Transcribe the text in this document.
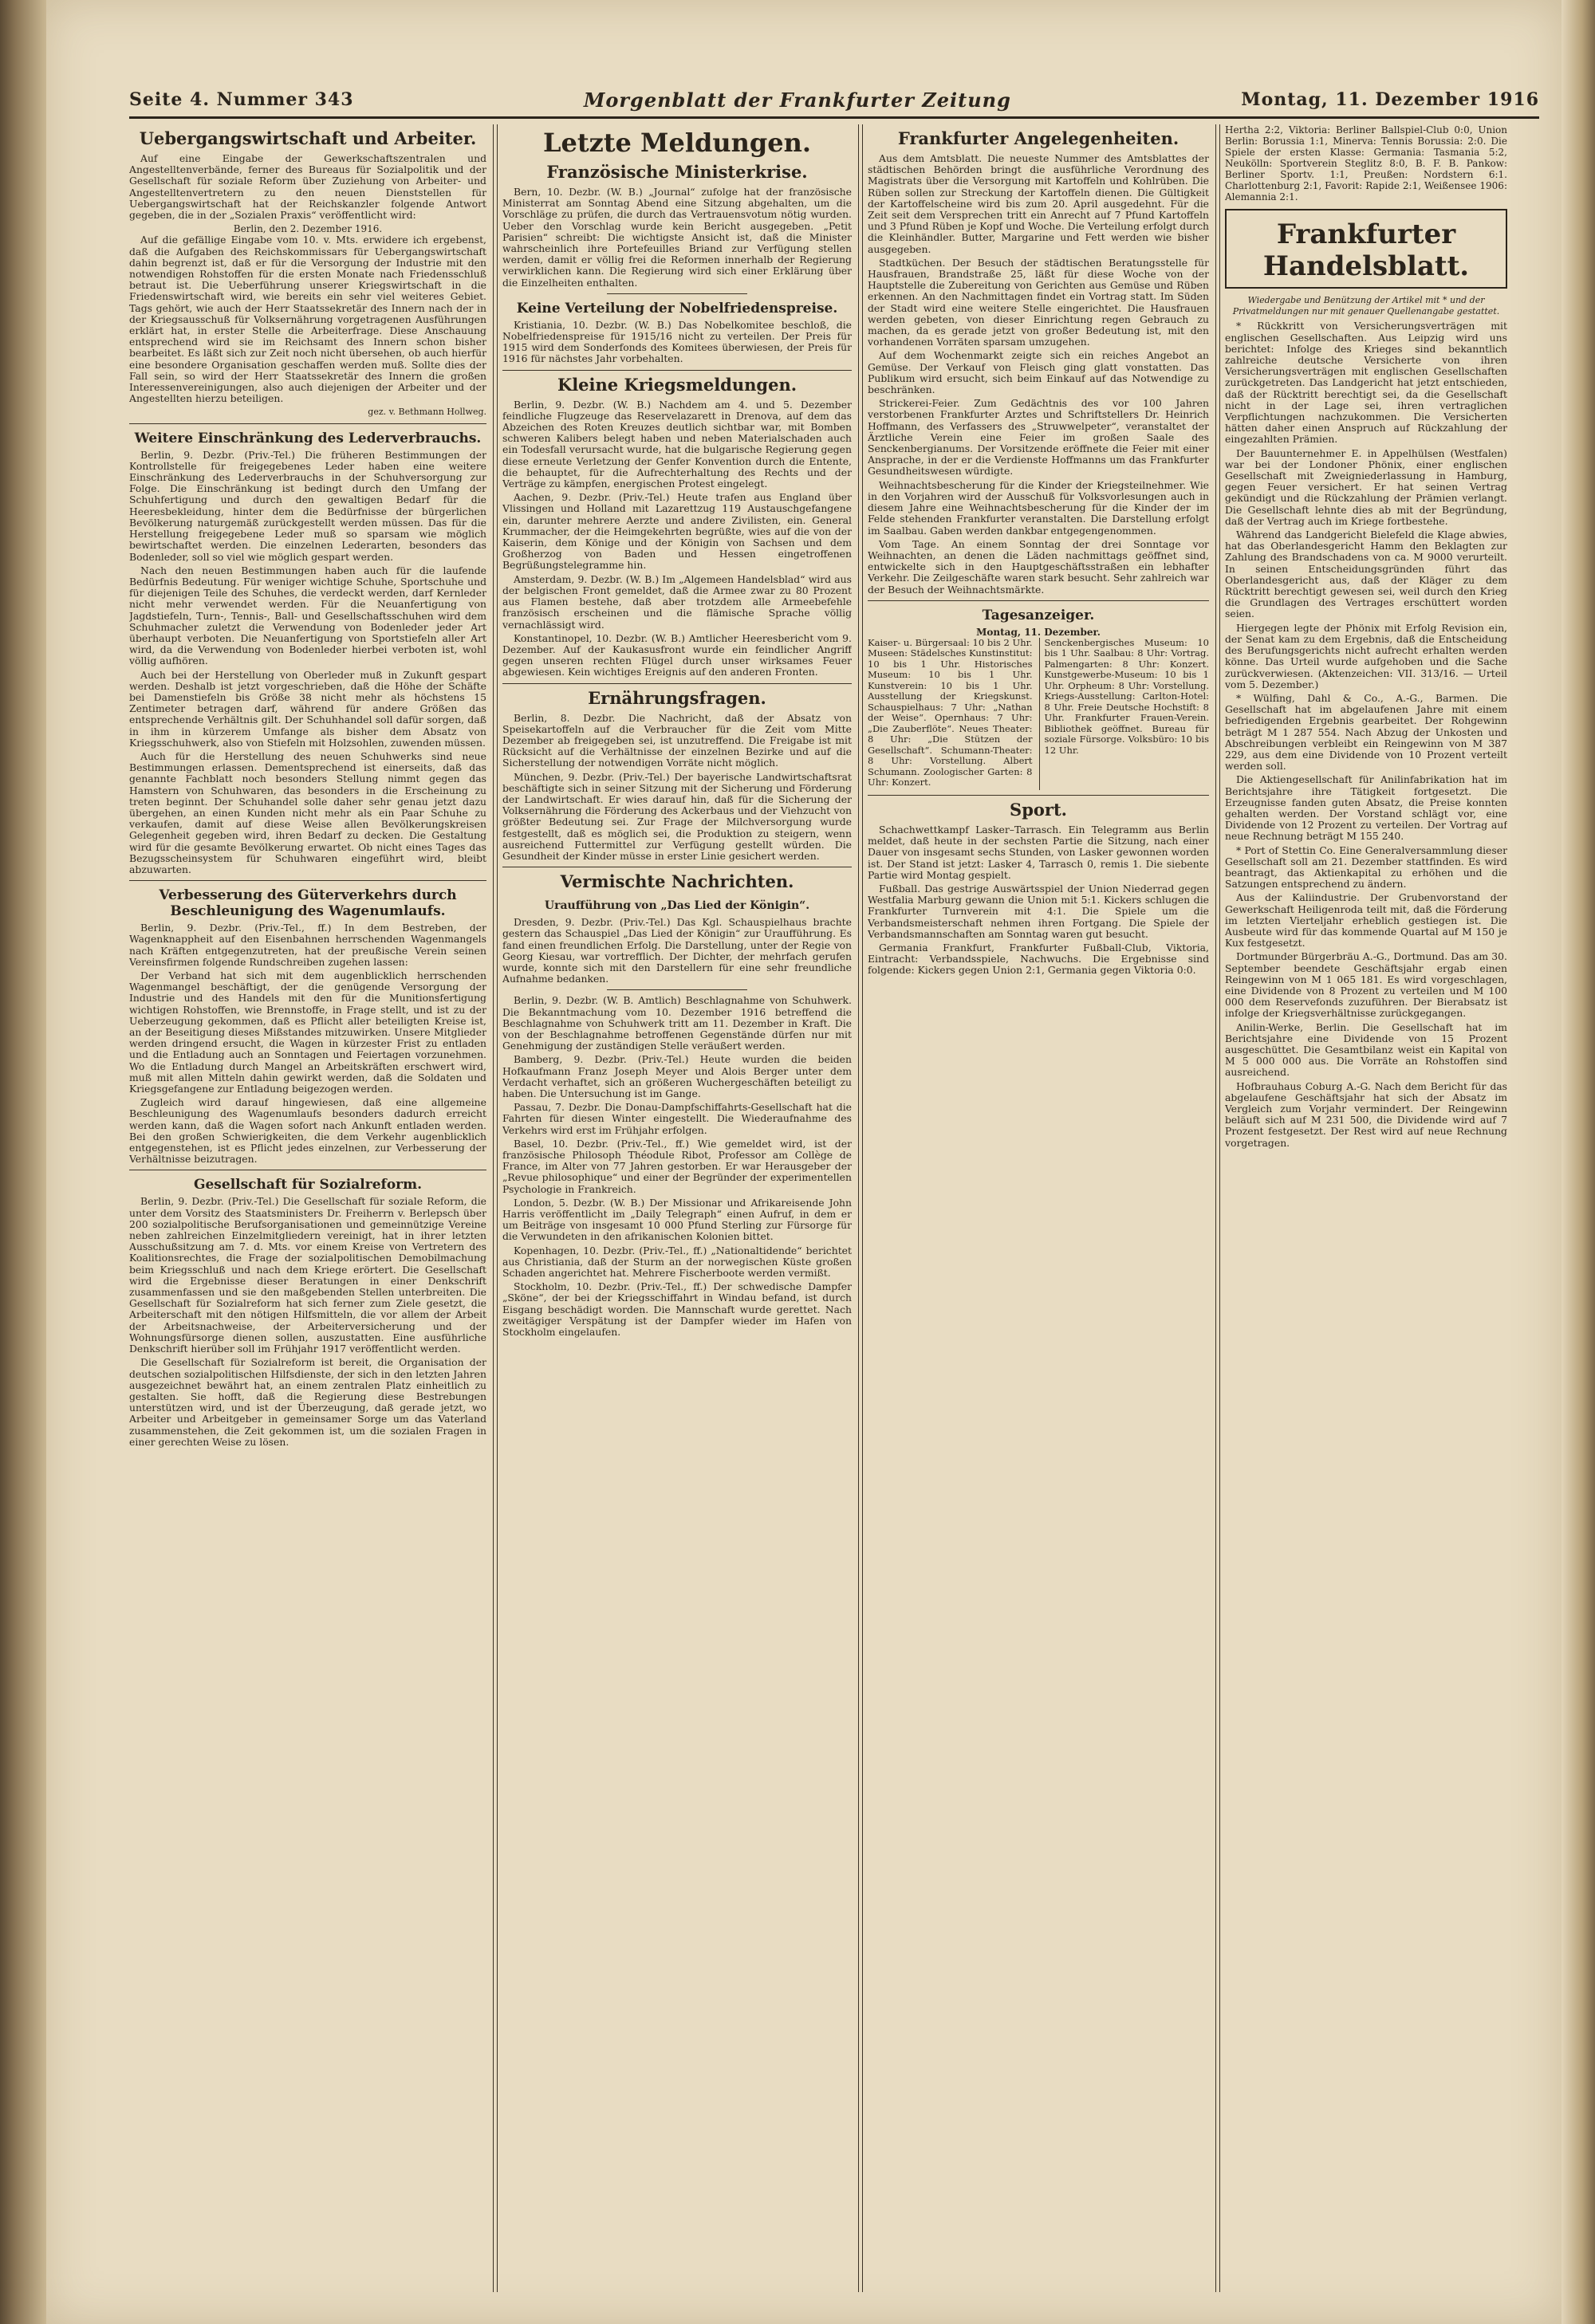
Seite 4. Nummer 343	Morgenblatt der Frankfurter Zeitung	Montag, 11. Dezember 1916
Uebergangswirtschaft und Arbeiter.

Auf eine Eingabe der Gewerkschaftszentralen und Angestelltenverbände, ferner des Bureaus für Sozialpolitik und der Gesellschaft für soziale Reform über Zuziehung von Arbeiter- und Angestelltenvertretern zu den neuen Dienststellen für Uebergangswirtschaft hat der Reichskanzler folgende Antwort gegeben, die in der „Sozialen Praxis“ veröffentlicht wird:

Berlin, den 2. Dezember 1916.

Auf die gefällige Eingabe vom 10. v. Mts. erwidere ich ergebenst, daß die Aufgaben des Reichskommissars für Uebergangswirtschaft dahin begrenzt ist, daß er für die Versorgung der Industrie mit den notwendigen Rohstoffen für die ersten Monate nach Friedensschluß betraut ist. Die Ueberführung unserer Kriegswirtschaft in die Friedenswirtschaft wird, wie bereits ein sehr viel weiteres Gebiet. Tags gehört, wie auch der Herr Staatssekretär des Innern nach der in der Kriegsausschuß für Volksernährung vorgetragenen Ausführungen erklärt hat, in erster Stelle die Arbeiterfrage. Diese Anschauung entsprechend wird sie im Reichsamt des Innern schon bisher bearbeitet. Es läßt sich zur Zeit noch nicht übersehen, ob auch hierfür eine besondere Organisation geschaffen werden muß. Sollte dies der Fall sein, so wird der Herr Staatssekretär des Innern die großen Interessenvereinigungen, also auch diejenigen der Arbeiter und der Angestellten hierzu beteiligen.

gez. v. Bethmann Hollweg.
Weitere Einschränkung des Lederverbrauchs.

Berlin, 9. Dezbr. (Priv.-Tel.) Die früheren Bestimmungen der Kontrollstelle für freigegebenes Leder haben eine weitere Einschränkung des Lederverbrauchs in der Schuhversorgung zur Folge. Die Einschränkung ist bedingt durch den Umfang der Schuhfertigung und durch den gewaltigen Bedarf für die Heeresbekleidung, hinter dem die Bedürfnisse der bürgerlichen Bevölkerung naturgemäß zurückgestellt werden müssen. Das für die Herstellung freigegebene Leder muß so sparsam wie möglich bewirtschaftet werden. Die einzelnen Lederarten, besonders das Bodenleder, soll so viel wie möglich gespart werden.

Nach den neuen Bestimmungen haben auch für die laufende Bedürfnis Bedeutung. Für weniger wichtige Schuhe, Sportschuhe und für diejenigen Teile des Schuhes, die verdeckt werden, darf Kernleder nicht mehr verwendet werden. Für die Neuanfertigung von Jagdstiefeln, Turn-, Tennis-, Ball- und Gesellschaftsschuhen wird dem Schuhmacher zuletzt die Verwendung von Bodenleder jeder Art überhaupt verboten. Die Neuanfertigung von Sportstiefeln aller Art wird, da die Verwendung von Bodenleder hierbei verboten ist, wohl völlig aufhören.

Auch bei der Herstellung von Oberleder muß in Zukunft gespart werden. Deshalb ist jetzt vorgeschrieben, daß die Höhe der Schäfte bei Damenstiefeln bis Größe 38 nicht mehr als höchstens 15 Zentimeter betragen darf, während für andere Größen das entsprechende Verhältnis gilt. Der Schuhhandel soll dafür sorgen, daß in ihm in kürzerem Umfange als bisher dem Absatz von Kriegsschuhwerk, also von Stiefeln mit Holzsohlen, zuwenden müssen.

Auch für die Herstellung des neuen Schuhwerks sind neue Bestimmungen erlassen. Dementsprechend ist einerseits, daß das genannte Fachblatt noch besonders Stellung nimmt gegen das Hamstern von Schuhwaren, das besonders in die Erscheinung zu treten beginnt. Der Schuhandel solle daher sehr genau jetzt dazu übergehen, an einen Kunden nicht mehr als ein Paar Schuhe zu verkaufen, damit auf diese Weise allen Bevölkerungskreisen Gelegenheit gegeben wird, ihren Bedarf zu decken. Die Gestaltung wird für die gesamte Bevölkerung erwartet. Ob nicht eines Tages das Bezugsscheinsystem für Schuhwaren eingeführt wird, bleibt abzuwarten.

Verbesserung des Güterverkehrs durch Beschleunigung des Wagenumlaufs.

Berlin, 9. Dezbr. (Priv.-Tel., ff.) In dem Bestreben, der Wagenknappheit auf den Eisenbahnen herrschenden Wagenmangels nach Kräften entgegenzutreten, hat der preußische Verein seinen Vereinsfirmen folgende Rundschreiben zugehen lassen:

Der Verband hat sich mit dem augenblicklich herrschenden Wagenmangel beschäftigt, der die genügende Versorgung der Industrie und des Handels mit den für die Munitionsfertigung wichtigen Rohstoffen, wie Brennstoffe, in Frage stellt, und ist zu der Ueberzeugung gekommen, daß es Pflicht aller beteiligten Kreise ist, an der Beseitigung dieses Mißstandes mitzuwirken. Unsere Mitglieder werden dringend ersucht, die Wagen in kürzester Frist zu entladen und die Entladung auch an Sonntagen und Feiertagen vorzunehmen. Wo die Entladung durch Mangel an Arbeitskräften erschwert wird, muß mit allen Mitteln dahin gewirkt werden, daß die Soldaten und Kriegsgefangene zur Entladung beigezogen werden.

Zugleich wird darauf hingewiesen, daß eine allgemeine Beschleunigung des Wagenumlaufs besonders dadurch erreicht werden kann, daß die Wagen sofort nach Ankunft entladen werden. Bei den großen Schwierigkeiten, die dem Verkehr augenblicklich entgegenstehen, ist es Pflicht jedes einzelnen, zur Verbesserung der Verhältnisse beizutragen.

Gesellschaft für Sozialreform.

Berlin, 9. Dezbr. (Priv.-Tel.) Die Gesellschaft für soziale Reform, die unter dem Vorsitz des Staatsministers Dr. Freiherrn v. Berlepsch über 200 sozialpolitische Berufsorganisationen und gemeinnützige Vereine neben zahlreichen Einzelmitgliedern vereinigt, hat in ihrer letzten Ausschußsitzung am 7. d. Mts. vor einem Kreise von Vertretern des Koalitionsrechtes, die Frage der sozialpolitischen Demobilmachung beim Kriegsschluß und nach dem Kriege erörtert. Die Gesellschaft wird die Ergebnisse dieser Beratungen in einer Denkschrift zusammenfassen und sie den maßgebenden Stellen unterbreiten. Die Gesellschaft für Sozialreform hat sich ferner zum Ziele gesetzt, die Arbeiterschaft mit den nötigen Hilfsmitteln, die vor allem der Arbeit der Arbeitsnachweise, der Arbeiterversicherung und der Wohnungsfürsorge dienen sollen, auszustatten. Eine ausführliche Denkschrift hierüber soll im Frühjahr 1917 veröffentlicht werden.

Die Gesellschaft für Sozialreform ist bereit, die Organisation der deutschen sozialpolitischen Hilfsdienste, der sich in den letzten Jahren ausgezeichnet bewährt hat, an einem zentralen Platz einheitlich zu gestalten. Sie hofft, daß die Regierung diese Bestrebungen unterstützen wird, und ist der Überzeugung, daß gerade jetzt, wo Arbeiter und Arbeitgeber in gemeinsamer Sorge um das Vaterland zusammenstehen, die Zeit gekommen ist, um die sozialen Fragen in einer gerechten Weise zu lösen.

Letzte Meldungen.
Französische Ministerkrise.

Bern, 10. Dezbr. (W. B.) „Journal“ zufolge hat der französische Ministerrat am Sonntag Abend eine Sitzung abgehalten, um die Vorschläge zu prüfen, die durch das Vertrauensvotum nötig wurden. Ueber den Vorschlag wurde kein Bericht ausgegeben. „Petit Parisien“ schreibt: Die wichtigste Ansicht ist, daß die Minister wahrscheinlich ihre Portefeuilles Briand zur Verfügung stellen werden, damit er völlig frei die Reformen innerhalb der Regierung verwirklichen kann. Die Regierung wird sich einer Erklärung über die Einzelheiten enthalten.

Keine Verteilung der Nobelfriedenspreise.

Kristiania, 10. Dezbr. (W. B.) Das Nobelkomitee beschloß, die Nobelfriedenspreise für 1915/16 nicht zu verteilen. Der Preis für 1915 wird dem Sonderfonds des Komitees überwiesen, der Preis für 1916 für nächstes Jahr vorbehalten.

Kleine Kriegsmeldungen.

Berlin, 9. Dezbr. (W. B.) Nachdem am 4. und 5. Dezember feindliche Flugzeuge das Reservelazarett in Drenova, auf dem das Abzeichen des Roten Kreuzes deutlich sichtbar war, mit Bomben schweren Kalibers belegt haben und neben Materialschaden auch ein Todesfall verursacht wurde, hat die bulgarische Regierung gegen diese erneute Verletzung der Genfer Konvention durch die Entente, die behauptet, für die Aufrechterhaltung des Rechts und der Verträge zu kämpfen, energischen Protest eingelegt.

Aachen, 9. Dezbr. (Priv.-Tel.) Heute trafen aus England über Vlissingen und Holland mit Lazarettzug 119 Austauschgefangene ein, darunter mehrere Aerzte und andere Zivilisten, ein. General Krummacher, der die Heimgekehrten begrüßte, wies auf die von der Kaiserin, dem Könige und der Königin von Sachsen und dem Großherzog von Baden und Hessen eingetroffenen Begrüßungstelegramme hin.

Amsterdam, 9. Dezbr. (W. B.) Im „Algemeen Handelsblad“ wird aus der belgischen Front gemeldet, daß die Armee zwar zu 80 Prozent aus Flamen bestehe, daß aber trotzdem alle Armeebefehle französisch erscheinen und die flämische Sprache völlig vernachlässigt wird.

Konstantinopel, 10. Dezbr. (W. B.) Amtlicher Heeresbericht vom 9. Dezember. Auf der Kaukasusfront wurde ein feindlicher Angriff gegen unseren rechten Flügel durch unser wirksames Feuer abgewiesen. Kein wichtiges Ereignis auf den anderen Fronten.

Ernährungsfragen.

Berlin, 8. Dezbr. Die Nachricht, daß der Absatz von Speisekartoffeln auf die Verbraucher für die Zeit vom Mitte Dezember ab freigegeben sei, ist unzutreffend. Die Freigabe ist mit Rücksicht auf die Verhältnisse der einzelnen Bezirke und auf die Sicherstellung der notwendigen Vorräte nicht möglich.

München, 9. Dezbr. (Priv.-Tel.) Der bayerische Landwirtschaftsrat beschäftigte sich in seiner Sitzung mit der Sicherung und Förderung der Landwirtschaft. Er wies darauf hin, daß für die Sicherung der Volksernährung die Förderung des Ackerbaus und der Viehzucht von größter Bedeutung sei. Zur Frage der Milchversorgung wurde festgestellt, daß es möglich sei, die Produktion zu steigern, wenn ausreichend Futtermittel zur Verfügung gestellt würden. Die Gesundheit der Kinder müsse in erster Linie gesichert werden.

Vermischte Nachrichten.
Uraufführung von „Das Lied der Königin“.

Dresden, 9. Dezbr. (Priv.-Tel.) Das Kgl. Schauspielhaus brachte gestern das Schauspiel „Das Lied der Königin“ zur Uraufführung. Es fand einen freundlichen Erfolg. Die Darstellung, unter der Regie von Georg Kiesau, war vortrefflich. Der Dichter, der mehrfach gerufen wurde, konnte sich mit den Darstellern für eine sehr freundliche Aufnahme bedanken.

Berlin, 9. Dezbr. (W. B. Amtlich) Beschlagnahme von Schuhwerk. Die Bekanntmachung vom 10. Dezember 1916 betreffend die Beschlagnahme von Schuhwerk tritt am 11. Dezember in Kraft. Die von der Beschlagnahme betroffenen Gegenstände dürfen nur mit Genehmigung der zuständigen Stelle veräußert werden.

Bamberg, 9. Dezbr. (Priv.-Tel.) Heute wurden die beiden Hofkaufmann Franz Joseph Meyer und Alois Berger unter dem Verdacht verhaftet, sich an größeren Wuchergeschäften beteiligt zu haben. Die Untersuchung ist im Gange.

Passau, 7. Dezbr. Die Donau-Dampfschiffahrts-Gesellschaft hat die Fahrten für diesen Winter eingestellt. Die Wiederaufnahme des Verkehrs wird erst im Frühjahr erfolgen.

Basel, 10. Dezbr. (Priv.-Tel., ff.) Wie gemeldet wird, ist der französische Philosoph Théodule Ribot, Professor am Collège de France, im Alter von 77 Jahren gestorben. Er war Herausgeber der „Revue philosophique“ und einer der Begründer der experimentellen Psychologie in Frankreich.

London, 5. Dezbr. (W. B.) Der Missionar und Afrikareisende John Harris veröffentlicht im „Daily Telegraph“ einen Aufruf, in dem er um Beiträge von insgesamt 10 000 Pfund Sterling zur Fürsorge für die Verwundeten in den afrikanischen Kolonien bittet.

Kopenhagen, 10. Dezbr. (Priv.-Tel., ff.) „Nationaltidende“ berichtet aus Christiania, daß der Sturm an der norwegischen Küste großen Schaden angerichtet hat. Mehrere Fischerboote werden vermißt.

Stockholm, 10. Dezbr. (Priv.-Tel., ff.) Der schwedische Dampfer „Sköne“, der bei der Kriegsschiffahrt in Windau befand, ist durch Eisgang beschädigt worden. Die Mannschaft wurde gerettet. Nach zweitägiger Verspätung ist der Dampfer wieder im Hafen von Stockholm eingelaufen.

Frankfurter Angelegenheiten.

Aus dem Amtsblatt. Die neueste Nummer des Amtsblattes der städtischen Behörden bringt die ausführliche Verordnung des Magistrats über die Versorgung mit Kartoffeln und Kohlrüben. Die Rüben sollen zur Streckung der Kartoffeln dienen. Die Gültigkeit der Kartoffelscheine wird bis zum 20. April ausgedehnt. Für die Zeit seit dem Versprechen tritt ein Anrecht auf 7 Pfund Kartoffeln und 3 Pfund Rüben je Kopf und Woche. Die Verteilung erfolgt durch die Kleinhändler. Butter, Margarine und Fett werden wie bisher ausgegeben.

Stadtküchen. Der Besuch der städtischen Beratungsstelle für Hausfrauen, Brandstraße 25, läßt für diese Woche von der Hauptstelle die Zubereitung von Gerichten aus Gemüse und Rüben erkennen. An den Nachmittagen findet ein Vortrag statt. Im Süden der Stadt wird eine weitere Stelle eingerichtet. Die Hausfrauen werden gebeten, von dieser Einrichtung regen Gebrauch zu machen, da es gerade jetzt von großer Bedeutung ist, mit den vorhandenen Vorräten sparsam umzugehen.

Auf dem Wochenmarkt zeigte sich ein reiches Angebot an Gemüse. Der Verkauf von Fleisch ging glatt vonstatten. Das Publikum wird ersucht, sich beim Einkauf auf das Notwendige zu beschränken.

Strickerei-Feier. Zum Gedächtnis des vor 100 Jahren verstorbenen Frankfurter Arztes und Schriftstellers Dr. Heinrich Hoffmann, des Verfassers des „Struwwelpeter“, veranstaltet der Ärztliche Verein eine Feier im großen Saale des Senckenbergianums. Der Vorsitzende eröffnete die Feier mit einer Ansprache, in der er die Verdienste Hoffmanns um das Frankfurter Gesundheitswesen würdigte.

Weihnachtsbescherung für die Kinder der Kriegsteilnehmer. Wie in den Vorjahren wird der Ausschuß für Volksvorlesungen auch in diesem Jahre eine Weihnachtsbescherung für die Kinder der im Felde stehenden Frankfurter veranstalten. Die Darstellung erfolgt im Saalbau. Gaben werden dankbar entgegengenommen.

Vom Tage. An einem Sonntag der drei Sonntage vor Weihnachten, an denen die Läden nachmittags geöffnet sind, entwickelte sich in den Hauptgeschäftsstraßen ein lebhafter Verkehr. Die Zeilgeschäfte waren stark besucht. Sehr zahlreich war der Besuch der Weihnachtsmärkte.

Tagesanzeiger.
Montag, 11. Dezember.

Kaiser- u. Bürgersaal: 10 bis 2 Uhr. Museen: Städelsches Kunstinstitut: 10 bis 1 Uhr. Historisches Museum: 10 bis 1 Uhr. Kunstverein: 10 bis 1 Uhr. Ausstellung der Kriegskunst. Schauspielhaus: 7 Uhr: „Nathan der Weise“. Opernhaus: 7 Uhr: „Die Zauberflöte“. Neues Theater: 8 Uhr: „Die Stützen der Gesellschaft“. Schumann-Theater: 8 Uhr: Vorstellung. Albert Schumann. Zoologischer Garten: 8 Uhr: Konzert.

Senckenbergisches Museum: 10 bis 1 Uhr. Saalbau: 8 Uhr: Vortrag. Palmengarten: 8 Uhr: Konzert. Kunstgewerbe-Museum: 10 bis 1 Uhr. Orpheum: 8 Uhr: Vorstellung. Kriegs-Ausstellung: Carlton-Hotel: 8 Uhr. Freie Deutsche Hochstift: 8 Uhr. Frankfurter Frauen-Verein. Bibliothek geöffnet. Bureau für soziale Fürsorge. Volksbüro: 10 bis 12 Uhr.

Sport.

Schachwettkampf Lasker–Tarrasch. Ein Telegramm aus Berlin meldet, daß heute in der sechsten Partie die Sitzung, nach einer Dauer von insgesamt sechs Stunden, von Lasker gewonnen worden ist. Der Stand ist jetzt: Lasker 4, Tarrasch 0, remis 1. Die siebente Partie wird Montag gespielt.

Fußball. Das gestrige Auswärtsspiel der Union Niederrad gegen Westfalia Marburg gewann die Union mit 5:1. Kickers schlugen die Frankfurter Turnverein mit 4:1. Die Spiele um die Verbandsmeisterschaft nehmen ihren Fortgang. Die Spiele der Verbandsmannschaften am Sonntag waren gut besucht.

Germania Frankfurt, Frankfurter Fußball-Club, Viktoria, Eintracht: Verbandsspiele, Nachwuchs. Die Ergebnisse sind folgende: Kickers gegen Union 2:1, Germania gegen Viktoria 0:0.

Hertha 2:2, Viktoria: Berliner Ballspiel-Club 0:0, Union Berlin: Borussia 1:1, Minerva: Tennis Borussia: 2:0. Die Spiele der ersten Klasse: Germania: Tasmania 5:2, Neukölln: Sportverein Steglitz 8:0, B. F. B. Pankow: Berliner Sportv. 1:1, Preußen: Nordstern 6:1. Charlottenburg 2:1, Favorit: Rapide 2:1, Weißensee 1906: Alemannia 2:1.

Frankfurter Handelsblatt.
Wiedergabe und Benützung der Artikel mit * und der Privatmeldungen nur mit genauer Quellenangabe gestattet.

* Rückkritt von Versicherungsverträgen mit englischen Gesellschaften. Aus Leipzig wird uns berichtet: Infolge des Krieges sind bekanntlich zahlreiche deutsche Versicherte von ihren Versicherungsverträgen mit englischen Gesellschaften zurückgetreten. Das Landgericht hat jetzt entschieden, daß der Rücktritt berechtigt sei, da die Gesellschaft nicht in der Lage sei, ihren vertraglichen Verpflichtungen nachzukommen. Die Versicherten hätten daher einen Anspruch auf Rückzahlung der eingezahlten Prämien.

Der Bauunternehmer E. in Appelhülsen (Westfalen) war bei der Londoner Phönix, einer englischen Gesellschaft mit Zweigniederlassung in Hamburg, gegen Feuer versichert. Er hat seinen Vertrag gekündigt und die Rückzahlung der Prämien verlangt. Die Gesellschaft lehnte dies ab mit der Begründung, daß der Vertrag auch im Kriege fortbestehe.

Während das Landgericht Bielefeld die Klage abwies, hat das Oberlandesgericht Hamm den Beklagten zur Zahlung des Brandschadens von ca. M 9000 verurteilt. In seinen Entscheidungsgründen führt das Oberlandesgericht aus, daß der Kläger zu dem Rücktritt berechtigt gewesen sei, weil durch den Krieg die Grundlagen des Vertrages erschüttert worden seien.

Hiergegen legte der Phönix mit Erfolg Revision ein, der Senat kam zu dem Ergebnis, daß die Entscheidung des Berufungsgerichts nicht aufrecht erhalten werden könne. Das Urteil wurde aufgehoben und die Sache zurückverwiesen. (Aktenzeichen: VII. 313/16. — Urteil vom 5. Dezember.)

* Wülfing, Dahl & Co., A.-G., Barmen. Die Gesellschaft hat im abgelaufenen Jahre mit einem befriedigenden Ergebnis gearbeitet. Der Rohgewinn beträgt M 1 287 554. Nach Abzug der Unkosten und Abschreibungen verbleibt ein Reingewinn von M 387 229, aus dem eine Dividende von 10 Prozent verteilt werden soll.

Die Aktiengesellschaft für Anilinfabrikation hat im Berichtsjahre ihre Tätigkeit fortgesetzt. Die Erzeugnisse fanden guten Absatz, die Preise konnten gehalten werden. Der Vorstand schlägt vor, eine Dividende von 12 Prozent zu verteilen. Der Vortrag auf neue Rechnung beträgt M 155 240.

* Port of Stettin Co. Eine Generalversammlung dieser Gesellschaft soll am 21. Dezember stattfinden. Es wird beantragt, das Aktienkapital zu erhöhen und die Satzungen entsprechend zu ändern.

Aus der Kaliindustrie. Der Grubenvorstand der Gewerkschaft Heiligenroda teilt mit, daß die Förderung im letzten Vierteljahr erheblich gestiegen ist. Die Ausbeute wird für das kommende Quartal auf M 150 je Kux festgesetzt.

Dortmunder Bürgerbräu A.-G., Dortmund. Das am 30. September beendete Geschäftsjahr ergab einen Reingewinn von M 1 065 181. Es wird vorgeschlagen, eine Dividende von 8 Prozent zu verteilen und M 100 000 dem Reservefonds zuzuführen. Der Bierabsatz ist infolge der Kriegsverhältnisse zurückgegangen.

Anilin-Werke, Berlin. Die Gesellschaft hat im Berichtsjahre eine Dividende von 15 Prozent ausgeschüttet. Die Gesamtbilanz weist ein Kapital von M 5 000 000 aus. Die Vorräte an Rohstoffen sind ausreichend.

Hofbrauhaus Coburg A.-G. Nach dem Bericht für das abgelaufene Geschäftsjahr hat sich der Absatz im Vergleich zum Vorjahr vermindert. Der Reingewinn beläuft sich auf M 231 500, die Dividende wird auf 7 Prozent festgesetzt. Der Rest wird auf neue Rechnung vorgetragen.
